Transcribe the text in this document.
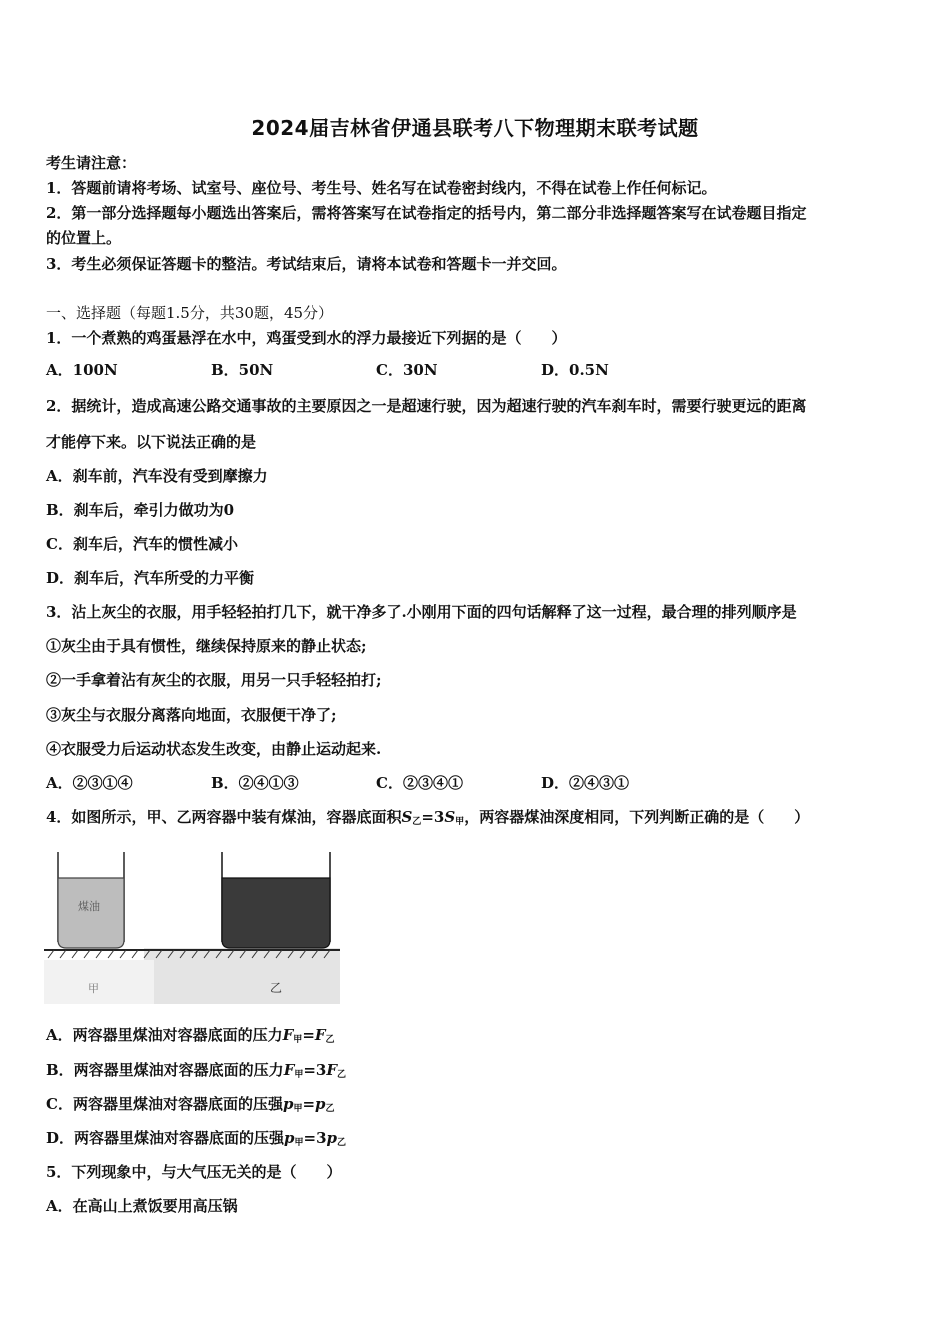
2024届吉林省伊通县联考八下物理期末联考试题
考生请注意：
1．答题前请将考场、试室号、座位号、考生号、姓名写在试卷密封线内，不得在试卷上作任何标记。
2．第一部分选择题每小题选出答案后，需将答案写在试卷指定的括号内，第二部分非选择题答案写在试卷题目指定
的位置上。
3．考生必须保证答题卡的整洁。考试结束后，请将本试卷和答题卡一并交回。
一、选择题（每题1.5分，共30题，45分）
1．一个煮熟的鸡蛋悬浮在水中，鸡蛋受到水的浮力最接近下列据的是（　　）
A．100N	B．50N	C．30N	D．0.5N
2．据统计，造成高速公路交通事故的主要原因之一是超速行驶，因为超速行驶的汽车刹车时，需要行驶更远的距离
才能停下来。以下说法正确的是
A．刹车前，汽车没有受到摩擦力
B．刹车后，牵引力做功为0
C．刹车后，汽车的惯性减小
D．刹车后，汽车所受的力平衡
3．沾上灰尘的衣服，用手轻轻拍打几下，就干净多了.小刚用下面的四句话解释了这一过程，最合理的排列顺序是
①灰尘由于具有惯性，继续保持原来的静止状态;
②一手拿着沾有灰尘的衣服，用另一只手轻轻拍打;
③灰尘与衣服分离落向地面，衣服便干净了;
④衣服受力后运动状态发生改变，由静止运动起来.
A．②③①④	B．②④①③	C．②③④①	D．②④③①
4．如图所示，甲、乙两容器中装有煤油，容器底面积$S_乙=3S_甲$，两容器煤油深度相同，下列判断正确的是（　　）
煤油
甲	乙
A．两容器里煤油对容器底面的压力$F_甲=F_乙$
B．两容器里煤油对容器底面的压力$F_甲=3F_乙$
C．两容器里煤油对容器底面的压强$p_甲=p_乙$
D．两容器里煤油对容器底面的压强$p_甲=3p_乙$
5．下列现象中，与大气压无关的是（　　）
A．在高山上煮饭要用高压锅
